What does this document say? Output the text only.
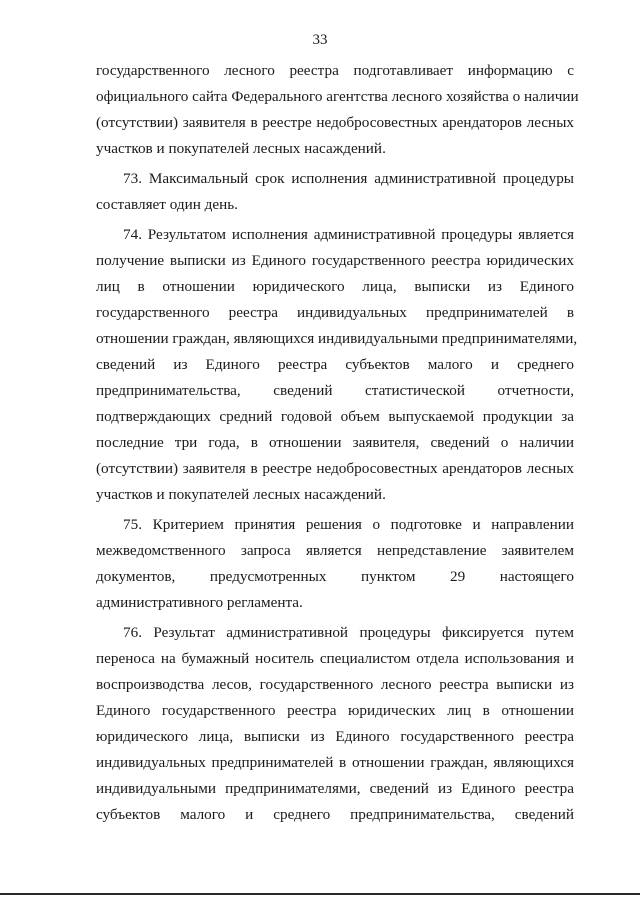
33

государственного лесного реестра подготавливает информацию с
официального сайта Федерального агентства лесного хозяйства о наличии
(отсутствии) заявителя в реестре недобросовестных арендаторов лесных
участков и покупателей лесных насаждений.

73. Максимальный срок исполнения административной процедуры
составляет один день.

74. Результатом исполнения административной процедуры является
получение выписки из Единого государственного реестра юридических
лиц в отношении юридического лица, выписки из Единого
государственного реестра индивидуальных предпринимателей в
отношении граждан, являющихся индивидуальными предпринимателями,
сведений из Единого реестра субъектов малого и среднего
предпринимательства, сведений статистической отчетности,
подтверждающих средний годовой объем выпускаемой продукции за
последние три года, в отношении заявителя, сведений о наличии
(отсутствии) заявителя в реестре недобросовестных арендаторов лесных
участков и покупателей лесных насаждений.

75. Критерием принятия решения о подготовке и направлении
межведомственного запроса является непредставление заявителем
документов, предусмотренных пунктом 29 настоящего
административного регламента.

76. Результат административной процедуры фиксируется путем
переноса на бумажный носитель специалистом отдела использования и
воспроизводства лесов, государственного лесного реестра выписки из
Единого государственного реестра юридических лиц в отношении
юридического лица, выписки из Единого государственного реестра
индивидуальных предпринимателей в отношении граждан, являющихся
индивидуальными предпринимателями, сведений из Единого реестра
субъектов малого и среднего предпринимательства, сведений
